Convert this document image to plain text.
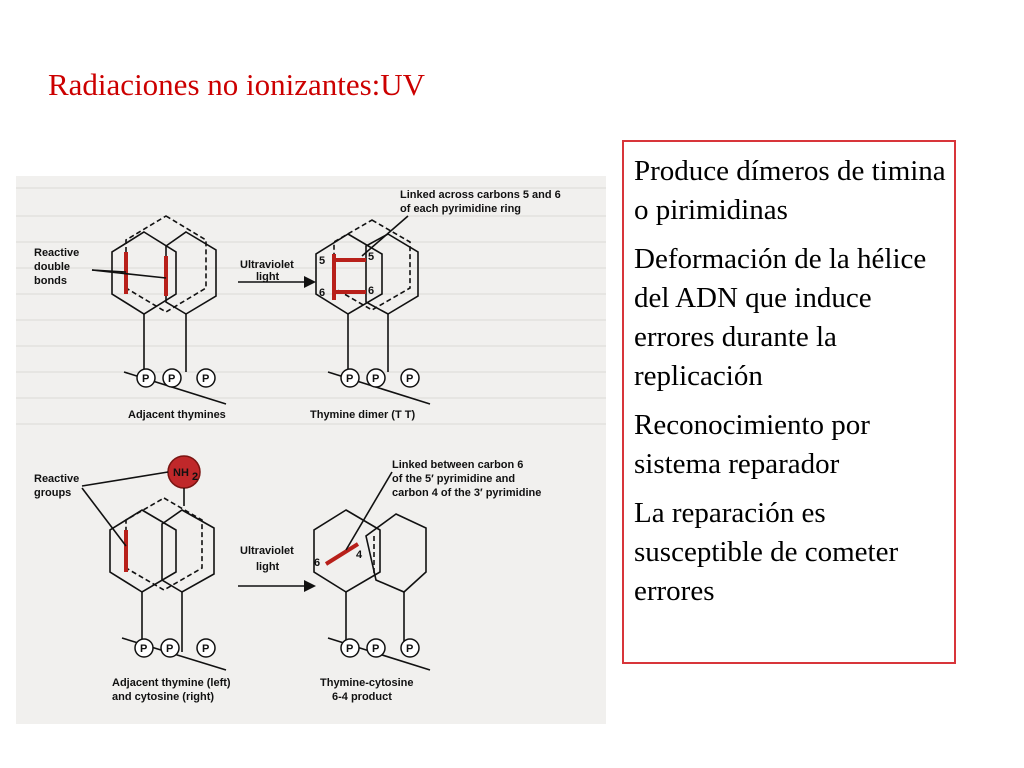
Radiaciones no ionizantes:UV
P P P
Reactive
double
bonds
Adjacent thymines
Ultraviolet
light
5
6
5
6
P P P
Linked across carbons 5 and 6
of each pyrimidine ring
Thymine dimer (T T)
NH 2
P P	P
Reactive
groups
Adjacent thymine (left)
and cytosine (right)
Ultraviolet
light	6
4
P P P
Linked between carbon 6
of the 5′ pyrimidine and
carbon 4 of the 3′ pyrimidine
Thymine-cytosine
6-4 product

Produce dímeros de timina o pirimidinas

Deformación de la hélice del ADN que induce errores durante la replicación

Reconocimiento por sistema reparador

La reparación es susceptible de cometer errores
